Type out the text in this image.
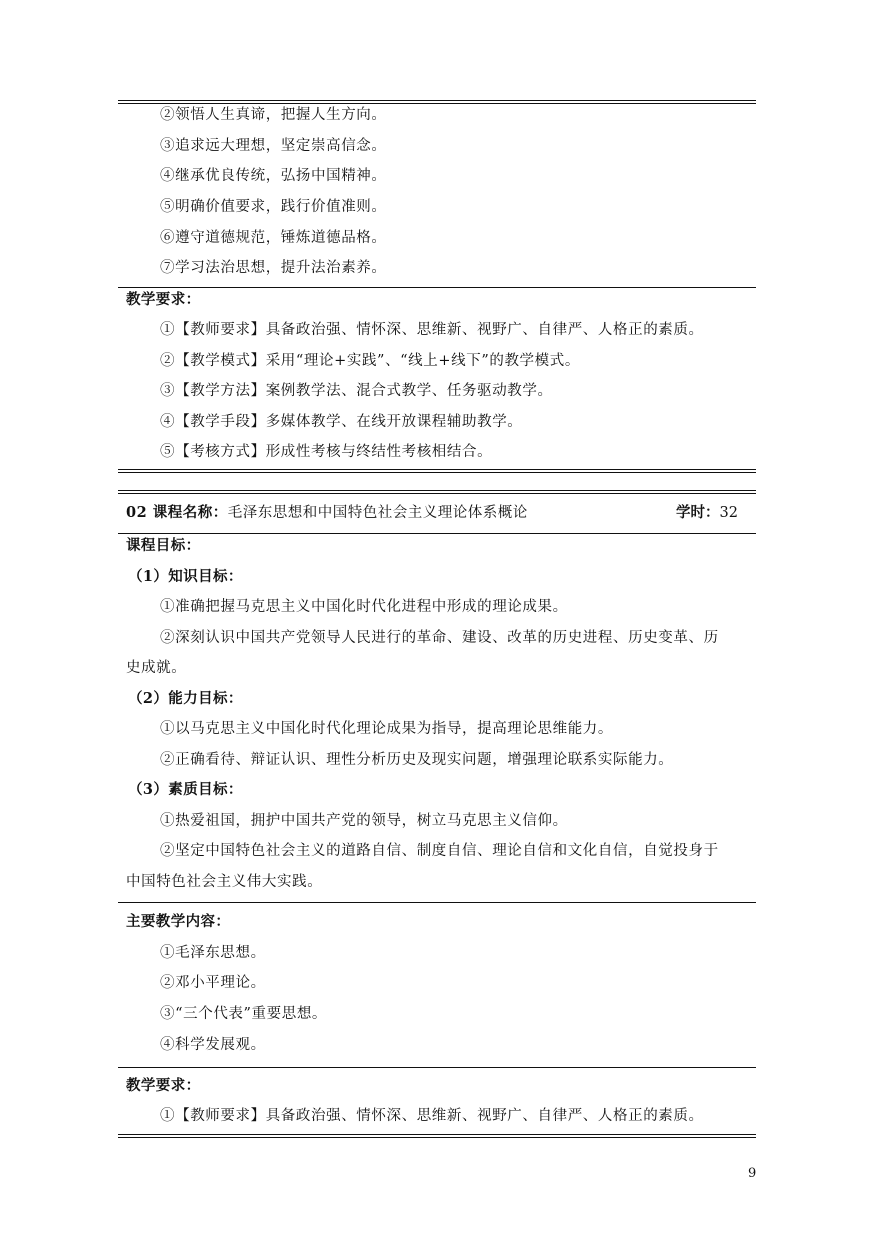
②领悟人生真谛，把握人生方向。
③追求远大理想，坚定崇高信念。
④继承优良传统，弘扬中国精神。
⑤明确价值要求，践行价值准则。
⑥遵守道德规范，锤炼道德品格。
⑦学习法治思想，提升法治素养。
教学要求：
①【教师要求】具备政治强、情怀深、思维新、视野广、自律严、人格正的素质。
②【教学模式】采用“理论+实践”、“线上+线下”的教学模式。
③【教学方法】案例教学法、混合式教学、任务驱动教学。
④【教学手段】多媒体教学、在线开放课程辅助教学。
⑤【考核方式】形成性考核与终结性考核相结合。
02 课程名称：毛泽东思想和中国特色社会主义理论体系概论	学时：32
课程目标：
（1）知识目标：
①准确把握马克思主义中国化时代化进程中形成的理论成果。
②深刻认识中国共产党领导人民进行的革命、建设、改革的历史进程、历史变革、历
史成就。
（2）能力目标：
①以马克思主义中国化时代化理论成果为指导，提高理论思维能力。
②正确看待、辩证认识、理性分析历史及现实问题，增强理论联系实际能力。
（3）素质目标：
①热爱祖国，拥护中国共产党的领导，树立马克思主义信仰。
②坚定中国特色社会主义的道路自信、制度自信、理论自信和文化自信，自觉投身于
中国特色社会主义伟大实践。
主要教学内容：
①毛泽东思想。
②邓小平理论。
③“三个代表”重要思想。
④科学发展观。
教学要求：
①【教师要求】具备政治强、情怀深、思维新、视野广、自律严、人格正的素质。
9
